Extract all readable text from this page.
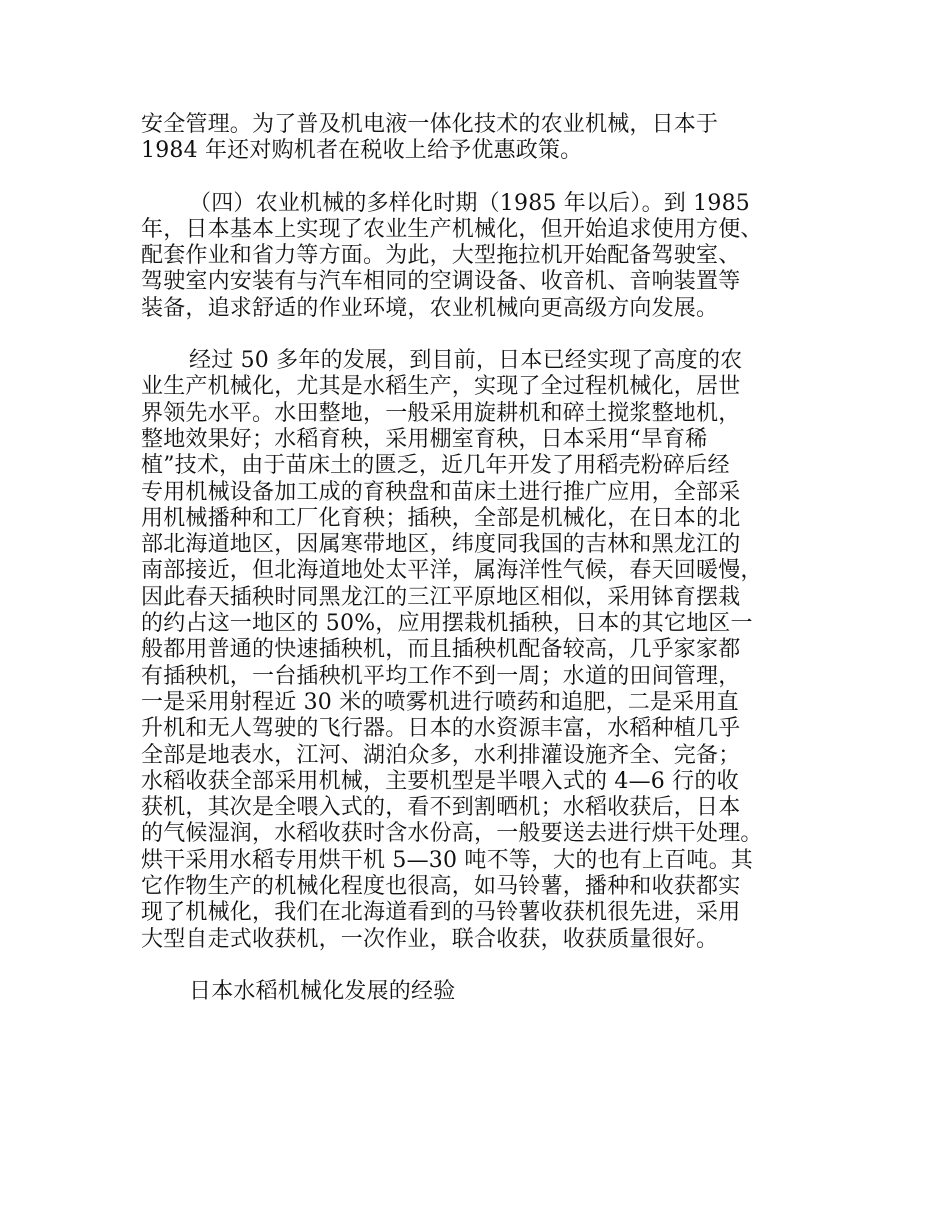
安全管理。为了普及机电液一体化技术的农业机械，日本于
1984 年还对购机者在税收上给予优惠政策。
（四）农业机械的多样化时期（1985 年以后）。到 1985
年，日本基本上实现了农业生产机械化，但开始追求使用方便、
配套作业和省力等方面。为此，大型拖拉机开始配备驾驶室、
驾驶室内安装有与汽车相同的空调设备、收音机、音响装置等
装备，追求舒适的作业环境，农业机械向更高级方向发展。
经过 50 多年的发展，到目前，日本已经实现了高度的农
业生产机械化，尤其是水稻生产，实现了全过程机械化，居世
界领先水平。水田整地，一般采用旋耕机和碎土搅浆整地机，
整地效果好；水稻育秧，采用棚室育秧，日本采用“旱育稀
植”技术，由于苗床土的匮乏，近几年开发了用稻壳粉碎后经
专用机械设备加工成的育秧盘和苗床土进行推广应用，全部采
用机械播种和工厂化育秧；插秧，全部是机械化，在日本的北
部北海道地区，因属寒带地区，纬度同我国的吉林和黑龙江的
南部接近，但北海道地处太平洋，属海洋性气候，春天回暖慢，
因此春天插秧时同黑龙江的三江平原地区相似，采用钵育摆栽
的约占这一地区的 50%，应用摆栽机插秧，日本的其它地区一
般都用普通的快速插秧机，而且插秧机配备较高，几乎家家都
有插秧机，一台插秧机平均工作不到一周；水道的田间管理，
一是采用射程近 30 米的喷雾机进行喷药和追肥，二是采用直
升机和无人驾驶的飞行器。日本的水资源丰富，水稻种植几乎
全部是地表水，江河、湖泊众多，水利排灌设施齐全、完备；
水稻收获全部采用机械，主要机型是半喂入式的 4—6 行的收
获机，其次是全喂入式的，看不到割晒机；水稻收获后，日本
的气候湿润，水稻收获时含水份高，一般要送去进行烘干处理。
烘干采用水稻专用烘干机 5—30 吨不等，大的也有上百吨。其
它作物生产的机械化程度也很高，如马铃薯，播种和收获都实
现了机械化，我们在北海道看到的马铃薯收获机很先进，采用
大型自走式收获机，一次作业，联合收获，收获质量很好。
日本水稻机械化发展的经验
